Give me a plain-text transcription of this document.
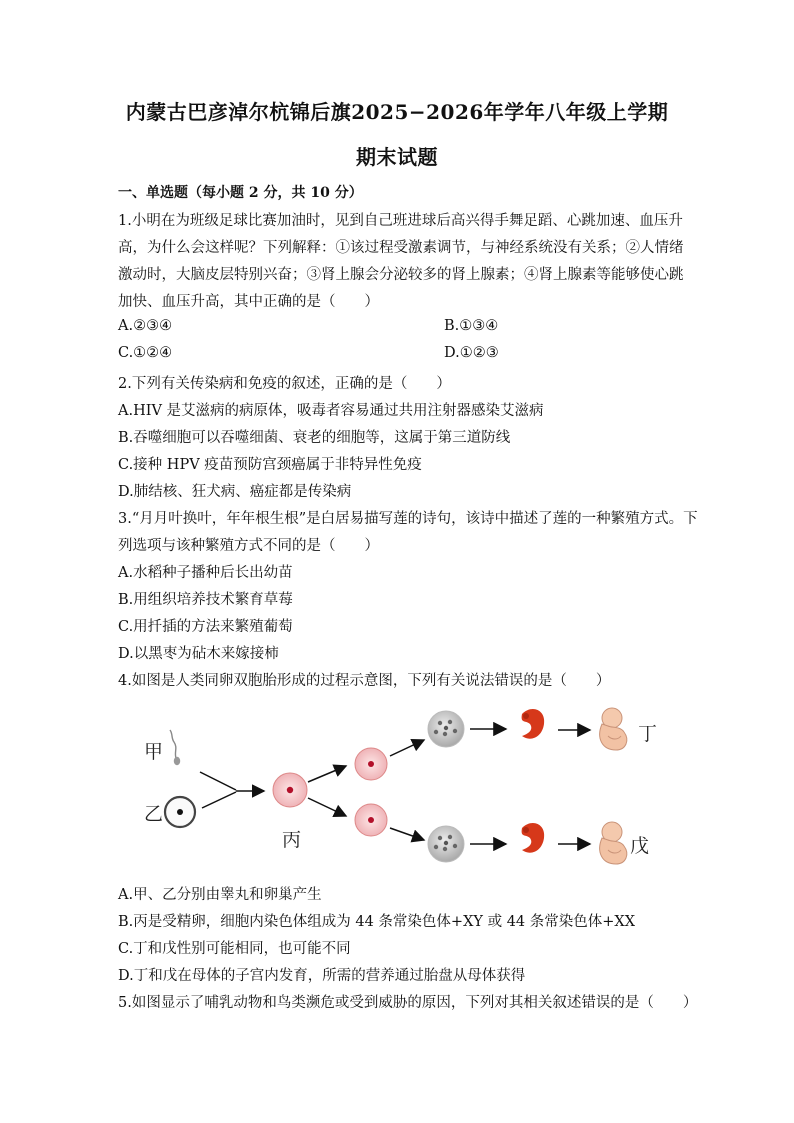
内蒙古巴彦淖尔杭锦后旗2025−2026年学年八年级上学期
期末试题
一、单选题（每小题 2 分，共 10 分）
1.小明在为班级足球比赛加油时，见到自己班进球后高兴得手舞足蹈、心跳加速、血压升
高，为什么会这样呢？下列解释：①该过程受激素调节，与神经系统没有关系；②人情绪
激动时，大脑皮层特别兴奋；③肾上腺会分泌较多的肾上腺素；④肾上腺素等能够使心跳
加快、血压升高，其中正确的是（　　）
A.②③④	B.①③④
C.①②④	D.①②③
2.下列有关传染病和免疫的叙述，正确的是（　　）
A.HIV 是艾滋病的病原体，吸毒者容易通过共用注射器感染艾滋病
B.吞噬细胞可以吞噬细菌、衰老的细胞等，这属于第三道防线
C.接种 HPV 疫苗预防宫颈癌属于非特异性免疫
D.肺结核、狂犬病、癌症都是传染病
3.“月月叶换叶，年年根生根”是白居易描写莲的诗句，该诗中描述了莲的一种繁殖方式。下
列选项与该种繁殖方式不同的是（　　）
A.水稻种子播种后长出幼苗
B.用组织培养技术繁育草莓
C.用扦插的方法来繁殖葡萄
D.以黑枣为砧木来嫁接柿
4.如图是人类同卵双胞胎形成的过程示意图，下列有关说法错误的是（　　）
甲
乙
丙
丁
戊
A.甲、乙分别由睾丸和卵巢产生
B.丙是受精卵，细胞内染色体组成为 44 条常染色体+XY 或 44 条常染色体+XX
C.丁和戊性别可能相同，也可能不同
D.丁和戊在母体的子宫内发育，所需的营养通过胎盘从母体获得
5.如图显示了哺乳动物和鸟类濒危或受到威胁的原因，下列对其相关叙述错误的是（　　）
